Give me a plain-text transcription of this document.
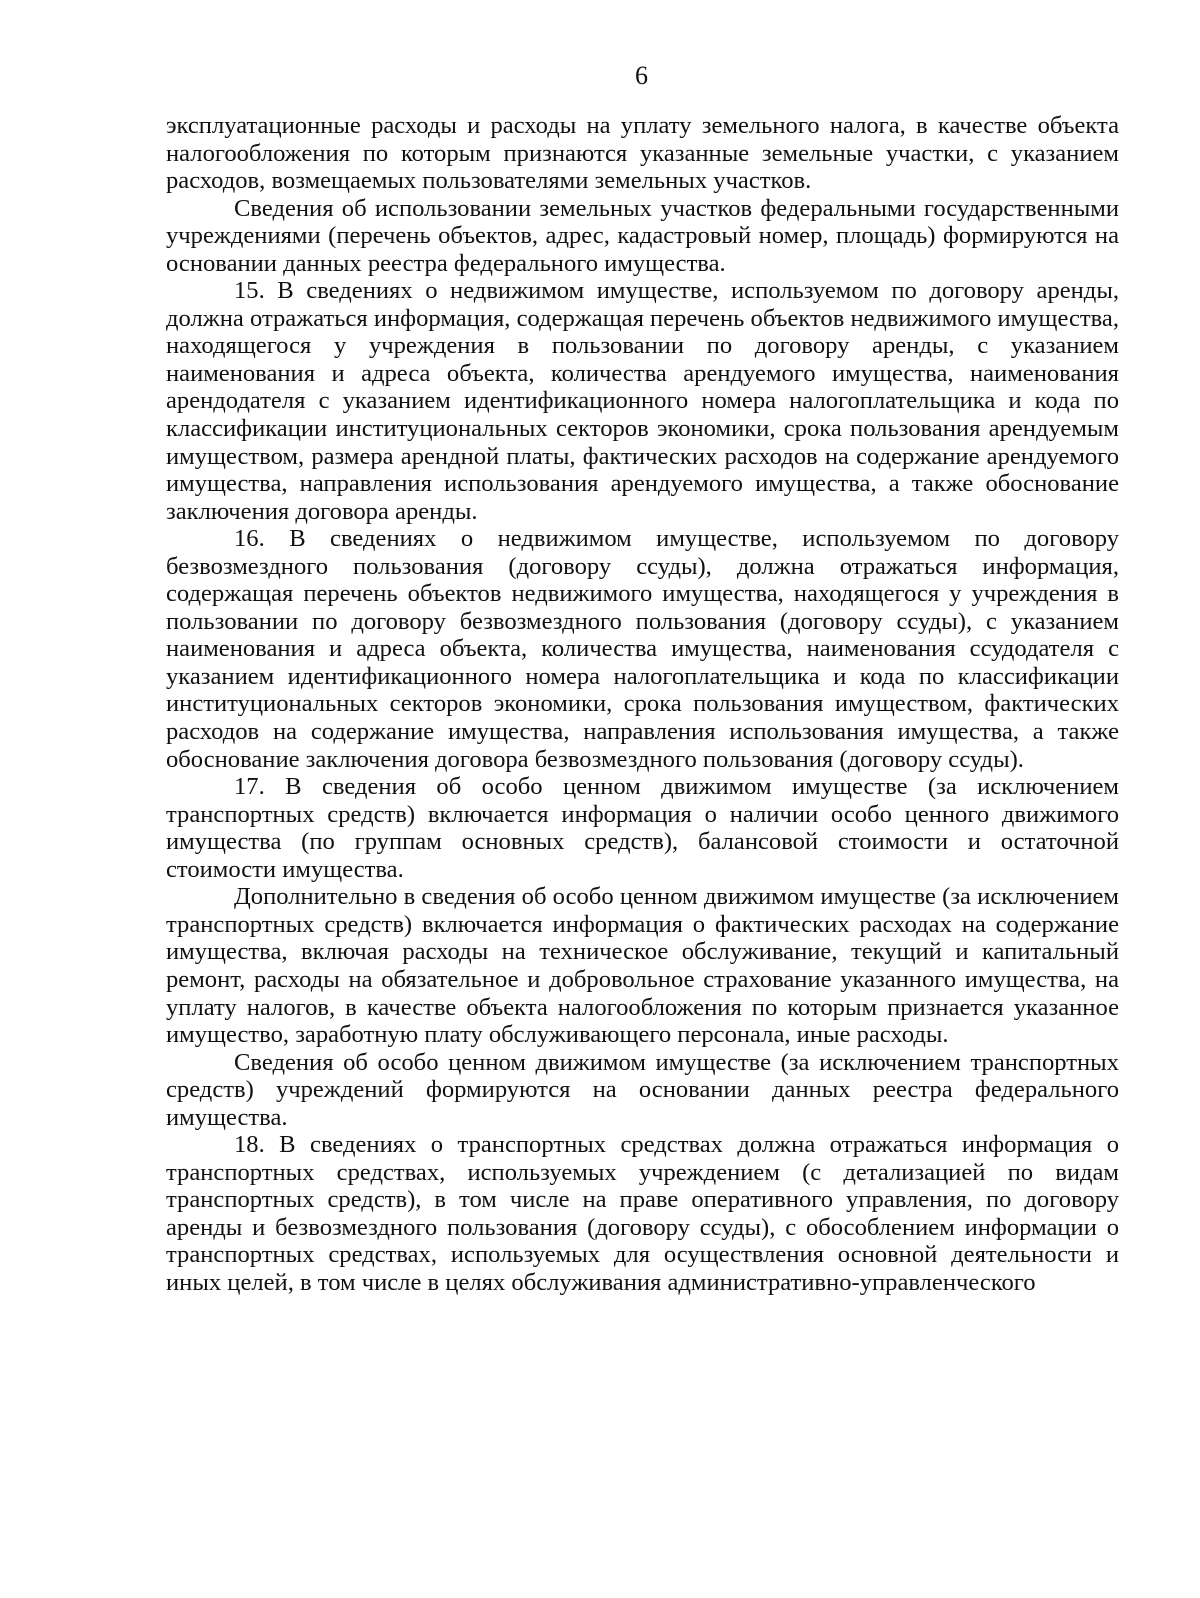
6

эксплуатационные расходы и расходы на уплату земельного налога, в качестве объекта налогообложения по которым признаются указанные земельные участки, с указанием расходов, возмещаемых пользователями земельных участков.

Сведения об использовании земельных участков федеральными государственными учреждениями (перечень объектов, адрес, кадастровый номер, площадь) формируются на основании данных реестра федерального имущества.

15. В сведениях о недвижимом имуществе, используемом по договору аренды, должна отражаться информация, содержащая перечень объектов недвижимого имущества, находящегося у учреждения в пользовании по договору аренды, с указанием наименования и адреса объекта, количества арендуемого имущества, наименования арендодателя с указанием идентификационного номера налогоплательщика и кода по классификации институциональных секторов экономики, срока пользования арендуемым имуществом, размера арендной платы, фактических расходов на содержание арендуемого имущества, направления использования арендуемого имущества, а также обоснование заключения договора аренды.

16. В сведениях о недвижимом имуществе, используемом по договору безвозмездного пользования (договору ссуды), должна отражаться информация, содержащая перечень объектов недвижимого имущества, находящегося у учреждения в пользовании по договору безвозмездного пользования (договору ссуды), с указанием наименования и адреса объекта, количества имущества, наименования ссудодателя с указанием идентификационного номера налогоплательщика и кода по классификации институциональных секторов экономики, срока пользования имуществом, фактических расходов на содержание имущества, направления использования имущества, а также обоснование заключения договора безвозмездного пользования (договору ссуды).

17. В сведения об особо ценном движимом имуществе (за исключением транспортных средств) включается информация о наличии особо ценного движимого имущества (по группам основных средств), балансовой стоимости и остаточной стоимости имущества.

Дополнительно в сведения об особо ценном движимом имуществе (за исключением транспортных средств) включается информация о фактических расходах на содержание имущества, включая расходы на техническое обслуживание, текущий и капитальный ремонт, расходы на обязательное и добровольное страхование указанного имущества, на уплату налогов, в качестве объекта налогообложения по которым признается указанное имущество, заработную плату обслуживающего персонала, иные расходы.

Сведения об особо ценном движимом имуществе (за исключением транспортных средств) учреждений формируются на основании данных реестра федерального имущества.

18. В сведениях о транспортных средствах должна отражаться информация о транспортных средствах, используемых учреждением (с детализацией по видам транспортных средств), в том числе на праве оперативного управления, по договору аренды и безвозмездного пользования (договору ссуды), с обособлением информации о транспортных средствах, используемых для осуществления основной деятельности и иных целей, в том числе в целях обслуживания административно-управленческого
